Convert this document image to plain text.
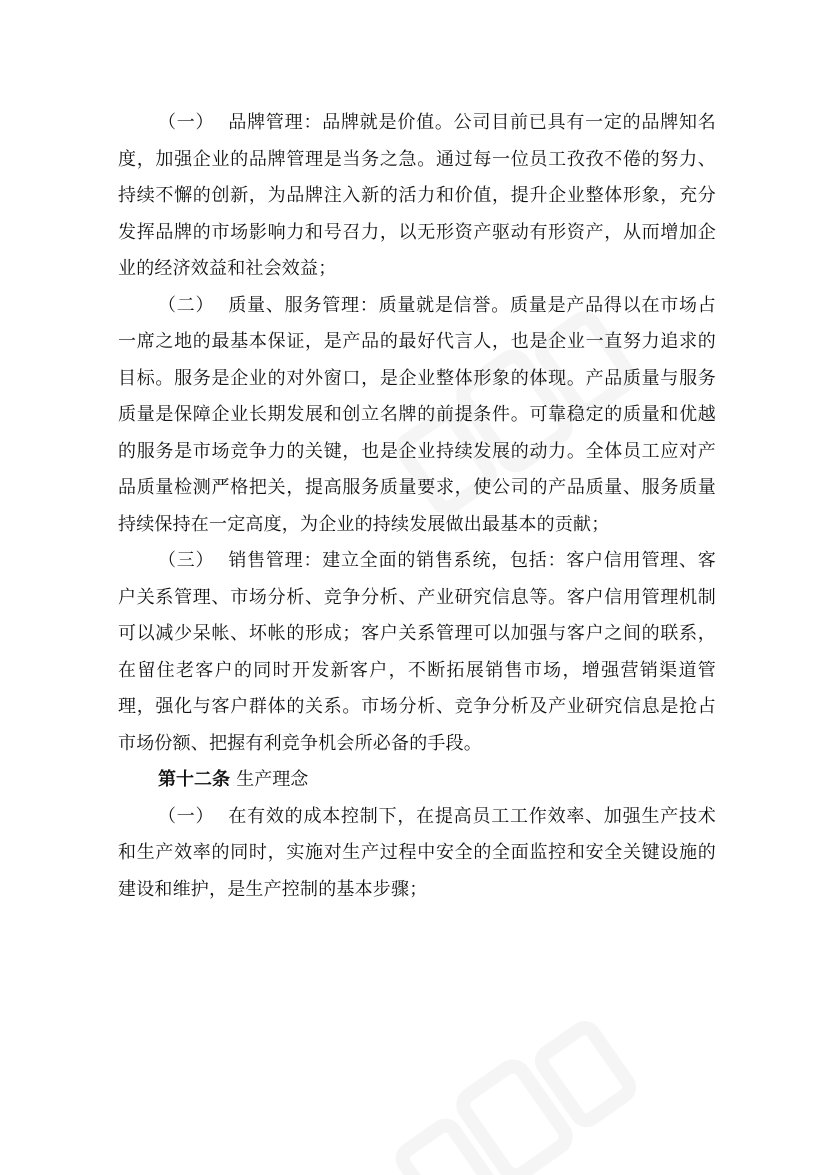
（一） 品牌管理：品牌就是价值。公司目前已具有一定的品牌知名度，加强企业的品牌管理是当务之急。通过每一位员工孜孜不倦的努力、持续不懈的创新，为品牌注入新的活力和价值，提升企业整体形象，充分发挥品牌的市场影响力和号召力，以无形资产驱动有形资产，从而增加企业的经济效益和社会效益；

（二） 质量、服务管理：质量就是信誉。质量是产品得以在市场占一席之地的最基本保证，是产品的最好代言人，也是企业一直努力追求的目标。服务是企业的对外窗口，是企业整体形象的体现。产品质量与服务质量是保障企业长期发展和创立名牌的前提条件。可靠稳定的质量和优越的服务是市场竞争力的关键，也是企业持续发展的动力。全体员工应对产品质量检测严格把关，提高服务质量要求，使公司的产品质量、服务质量持续保持在一定高度，为企业的持续发展做出最基本的贡献；

（三） 销售管理：建立全面的销售系统，包括：客户信用管理、客户关系管理、市场分析、竞争分析、产业研究信息等。客户信用管理机制可以减少呆帐、坏帐的形成；客户关系管理可以加强与客户之间的联系，在留住老客户的同时开发新客户，不断拓展销售市场，增强营销渠道管理，强化与客户群体的关系。市场分析、竞争分析及产业研究信息是抢占市场份额、把握有利竞争机会所必备的手段。

第十二条 生产理念

（一） 在有效的成本控制下，在提高员工工作效率、加强生产技术和生产效率的同时，实施对生产过程中安全的全面监控和安全关键设施的建设和维护，是生产控制的基本步骤；
